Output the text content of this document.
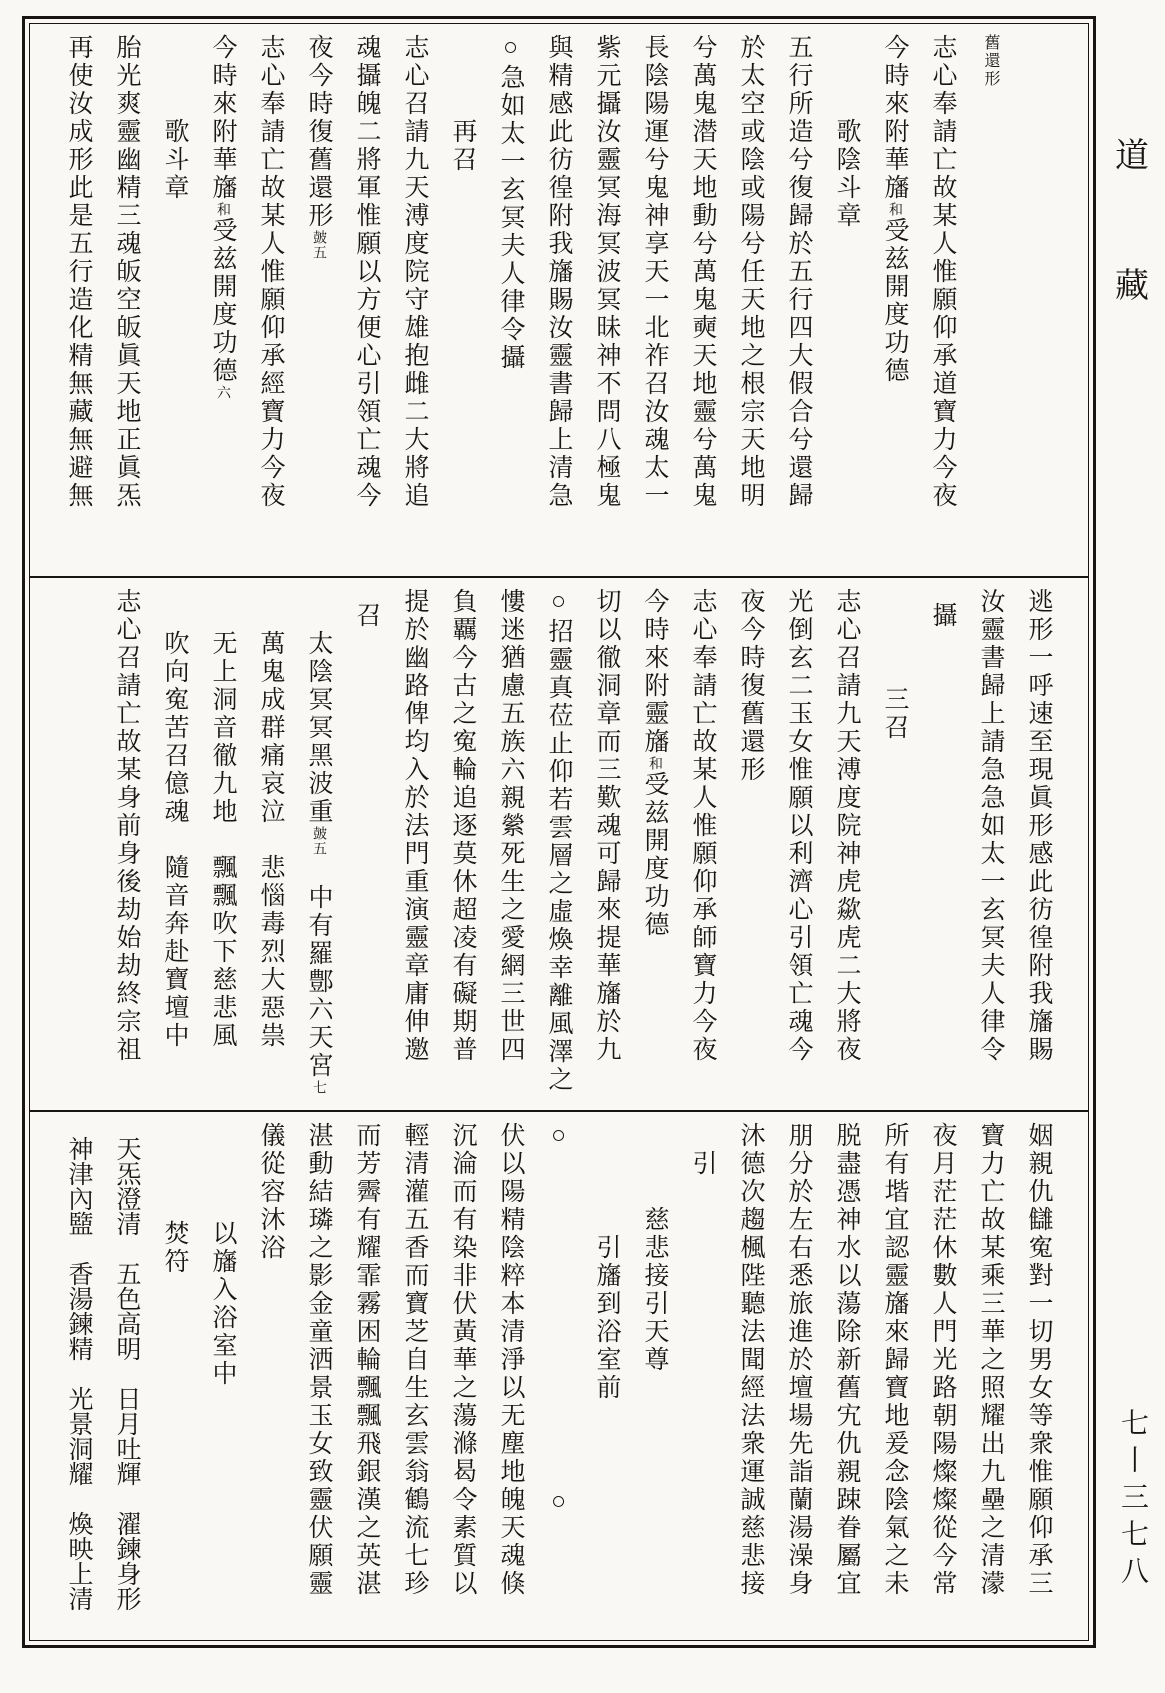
舊還形
志心奉請亡故某人惟願仰承道寶力今夜
今時來附華旛和受兹開度功德
歌陰斗章
五行所造兮復歸於五行四大假合兮還歸
於太空或陰或陽兮任天地之根宗天地明
兮萬鬼潜天地動兮萬鬼奭天地靈兮萬鬼
長陰陽運兮鬼神享天一北祚召汝魂太一
紫元攝汝靈冥海冥波冥昧神不問八極鬼
與精感此彷徨附我旛賜汝靈書歸上清急
○急如太一玄冥夫人律令攝
再召
志心召請九天溥度院守雄抱雌二大將追
魂攝魄二將軍惟願以方便心引領亡魂今
夜今時復舊還形皷五
志心奉請亡故某人惟願仰承經寶力今夜
今時來附華旛和受兹開度功德六
歌斗章
胎光爽靈幽精三魂皈空皈眞天地正眞炁
再使汝成形此是五行造化精無藏無避無
逃形一呼速至現眞形感此彷徨附我旛賜
汝靈書歸上請急急如太一玄冥夫人律令
攝
三召
志心召請九天溥度院神虎歘虎二大將夜
光倒玄二玉女惟願以利濟心引領亡魂今
夜今時復舊還形
志心奉請亡故某人惟願仰承師寶力今夜
今時來附靈旛和受兹開度功德
切以徹洞章而三歎魂可歸來提華旛於九
○招靈真莅止仰若雲層之虛煥幸離風澤之
慺迷猶慮五族六親縈死生之愛網三世四
負覊今古之寃輪追逐莫休超凌有礙期普
提於幽路俾均入於法門重演靈章庸伸邀
召
太陰冥冥黑波重皷五　中有羅鄷六天宮七
萬鬼成群痛哀泣　悲惱毒烈大惡祟
无上洞音徹九地　飄飄吹下慈悲風
吹向寃苦召億魂　隨音奔赴寶壇中
志心召請亡故某身前身後劫始劫終宗祖
姻親仇讎寃對一切男女等衆惟願仰承三
寶力亡故某乘三華之照耀出九壘之清濛
夜月茫茫休數人門光路朝陽燦燦從今常
所有堦宜認靈旛來歸寶地爰念陰氣之未
脱盡憑神水以蕩除新舊宄仇親踈眷屬宜
朋分於左右悉旅進於壇場先詣蘭湯澡身
沐德次趨楓陛聽法聞經法衆運誠慈悲接
引
慈悲接引天尊
引旛到浴室前
○　　　　　　　　　　　　○
伏以陽精陰粹本清淨以无塵地魄天魂倏
沉淪而有染非伏黃華之蕩滌曷令素質以
輕清灌五香而寶芝自生玄雲翁鶴流七珍
而芳霽有耀霏霧困輪飄飄飛銀漢之英湛
湛動結璘之影金童洒景玉女致靈伏願靈
儀從容沐浴
以旛入浴室中
焚符
天炁澄清　五色高明　日月吐輝　濯鍊身形
神津內盬　香湯鍊精　光景洞耀　煥映上清
道
藏
七丨三七八
